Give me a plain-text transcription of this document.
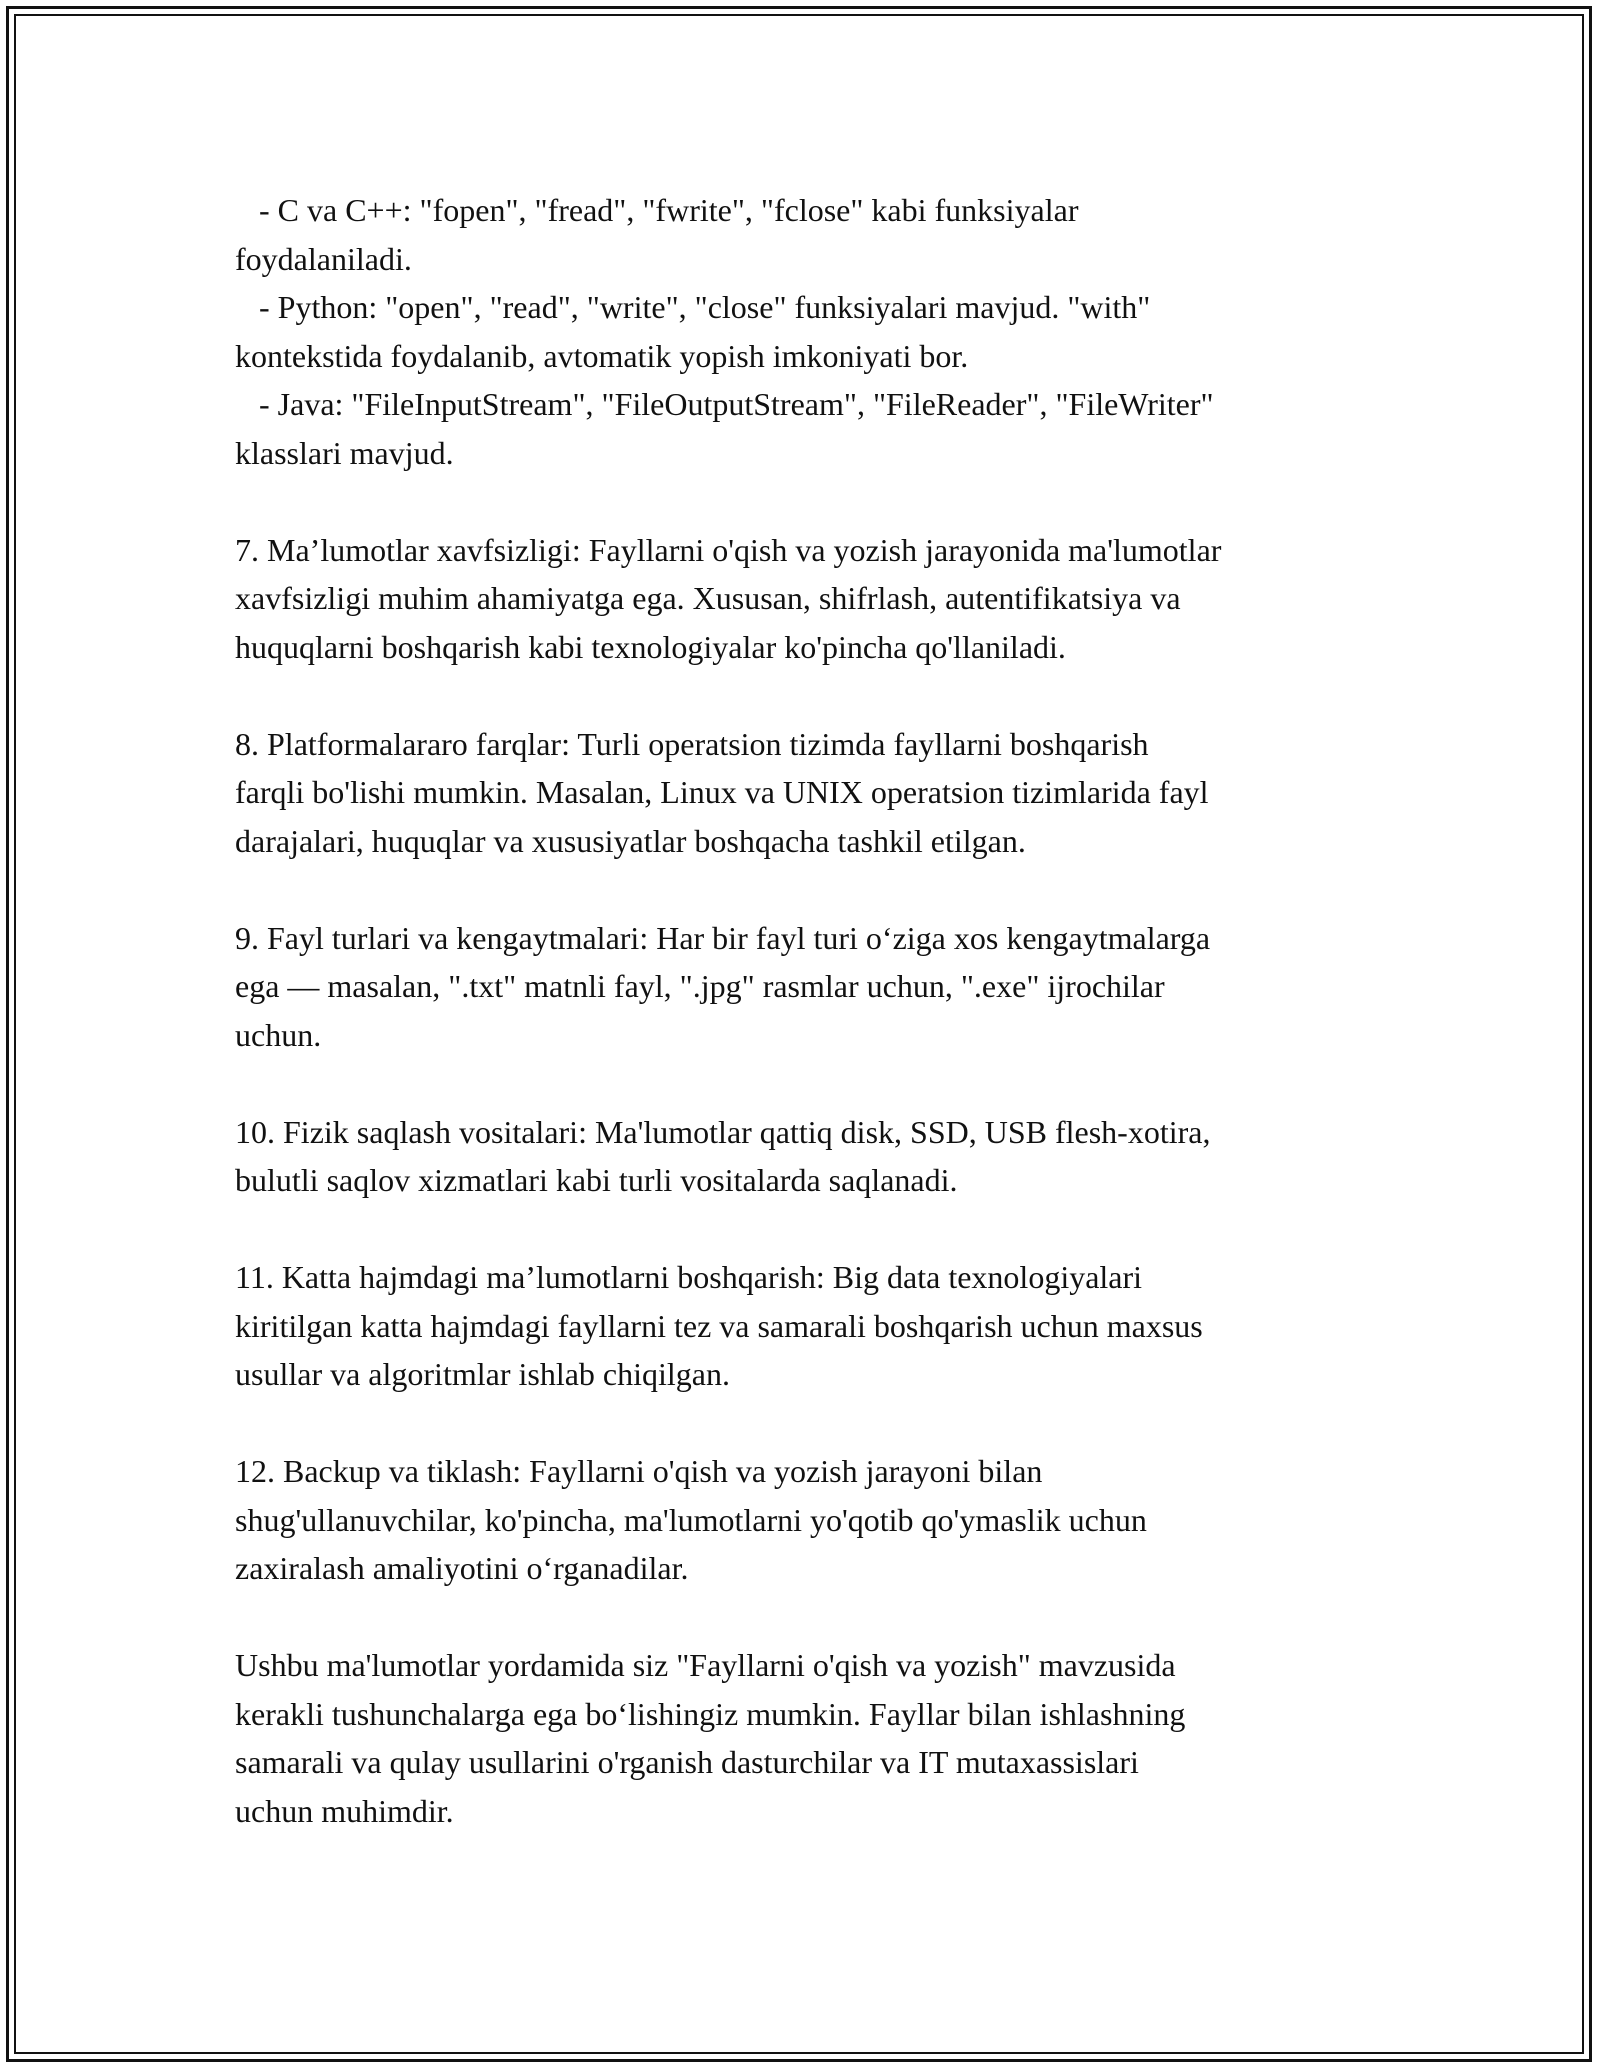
- C va C++: "fopen", "fread", "fwrite", "fclose" kabi funksiyalar
foydalaniladi.
- Python: "open", "read", "write", "close" funksiyalari mavjud. "with"
kontekstida foydalanib, avtomatik yopish imkoniyati bor.
- Java: "FileInputStream", "FileOutputStream", "FileReader", "FileWriter"
klasslari mavjud.
7. Ma’lumotlar xavfsizligi: Fayllarni o'qish va yozish jarayonida ma'lumotlar
xavfsizligi muhim ahamiyatga ega. Xususan, shifrlash, autentifikatsiya va
huquqlarni boshqarish kabi texnologiyalar ko'pincha qo'llaniladi.
8. Platformalararo farqlar: Turli operatsion tizimda fayllarni boshqarish
farqli bo'lishi mumkin. Masalan, Linux va UNIX operatsion tizimlarida fayl
darajalari, huquqlar va xususiyatlar boshqacha tashkil etilgan.
9. Fayl turlari va kengaytmalari: Har bir fayl turi o‘ziga xos kengaytmalarga
ega — masalan, ".txt" matnli fayl, ".jpg" rasmlar uchun, ".exe" ijrochilar
uchun.
10. Fizik saqlash vositalari: Ma'lumotlar qattiq disk, SSD, USB flesh-xotira,
bulutli saqlov xizmatlari kabi turli vositalarda saqlanadi.
11. Katta hajmdagi ma’lumotlarni boshqarish: Big data texnologiyalari
kiritilgan katta hajmdagi fayllarni tez va samarali boshqarish uchun maxsus
usullar va algoritmlar ishlab chiqilgan.
12. Backup va tiklash: Fayllarni o'qish va yozish jarayoni bilan
shug'ullanuvchilar, ko'pincha, ma'lumotlarni yo'qotib qo'ymaslik uchun
zaxiralash amaliyotini o‘rganadilar.
Ushbu ma'lumotlar yordamida siz "Fayllarni o'qish va yozish" mavzusida
kerakli tushunchalarga ega bo‘lishingiz mumkin. Fayllar bilan ishlashning
samarali va qulay usullarini o'rganish dasturchilar va IT mutaxassislari
uchun muhimdir.
